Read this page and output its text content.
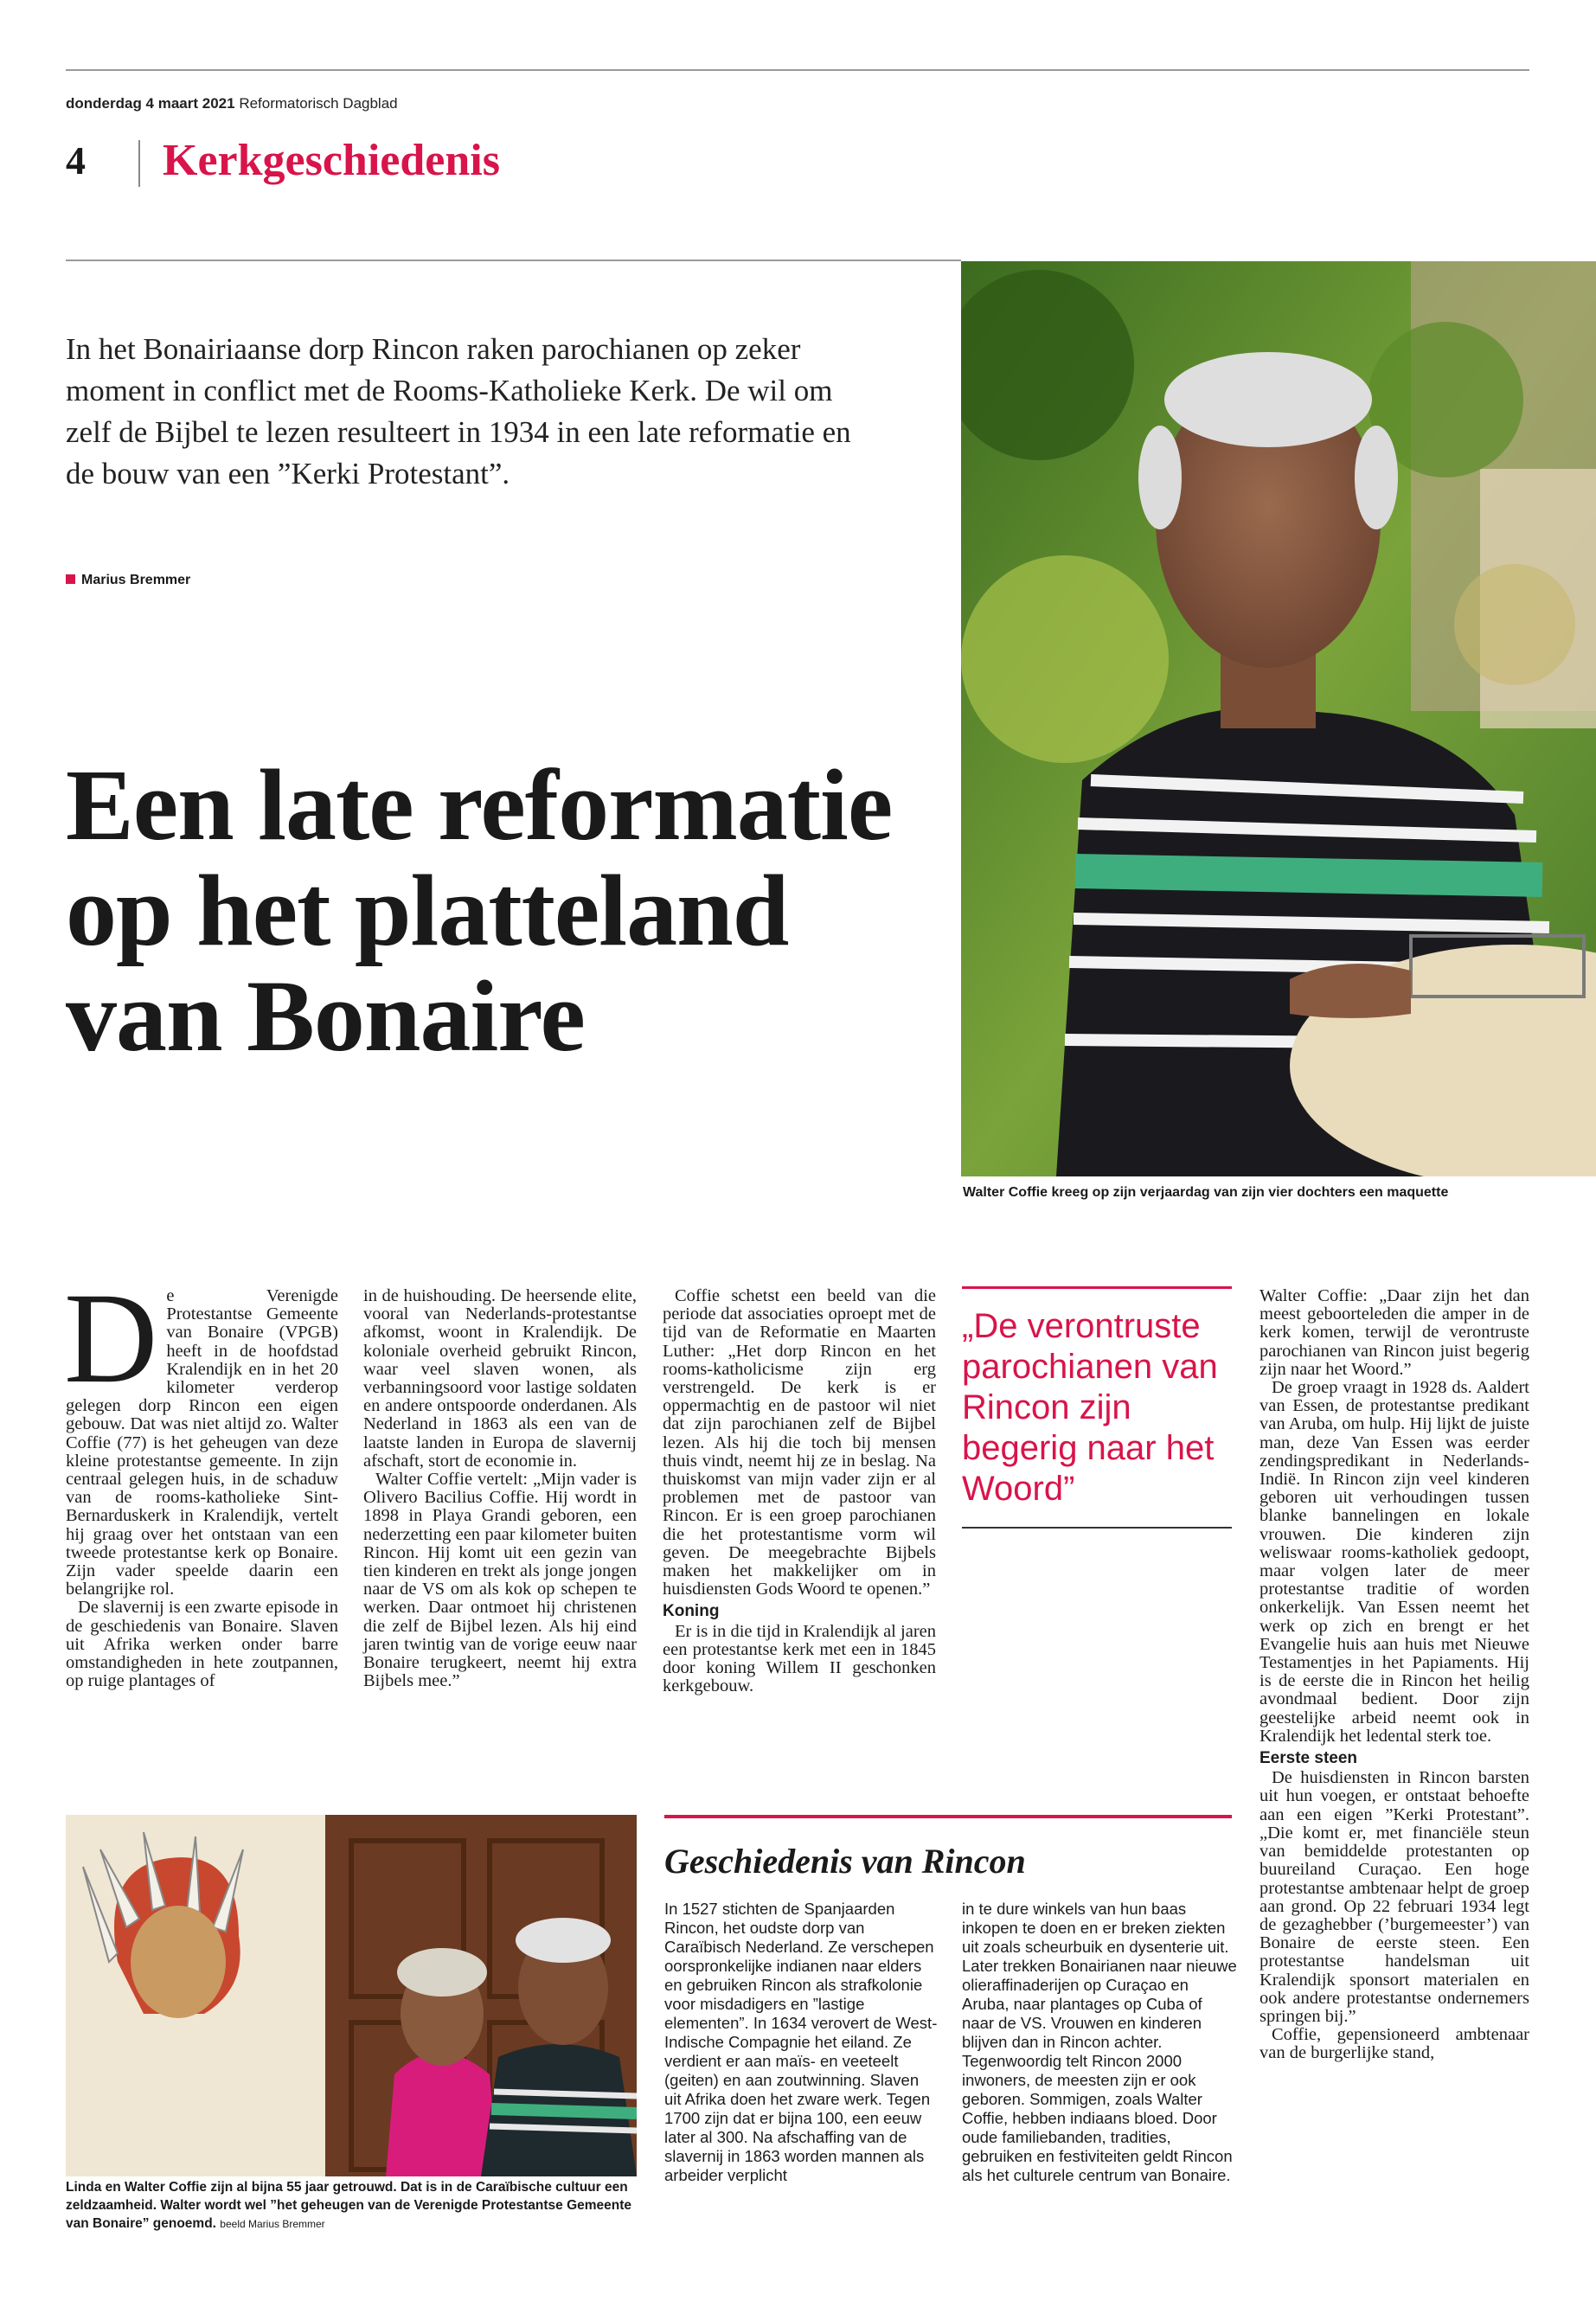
donderdag 4 maart 2021 Reformatorisch Dagblad
4 Kerkgeschiedenis
In het Bonairiaanse dorp Rincon raken parochianen op zeker moment in conflict met de Rooms-Katholieke Kerk. De wil om zelf de Bijbel te lezen resulteert in 1934 in een late reformatie en de bouw van een ”Kerki Protestant”.
Marius Bremmer
Een late reformatie op het platteland van Bonaire
Walter Coffie kreeg op zijn verjaardag van zijn vier dochters een maquette
D e Verenigde Protestantse Gemeente van Bonaire (VPGB) heeft in de hoofdstad Kralendijk en in het 20 kilometer verderop gelegen dorp Rincon een eigen gebouw. Dat was niet altijd zo. Walter Coffie (77) is het geheugen van deze kleine protestantse gemeente. In zijn centraal gelegen huis, in de schaduw van de rooms-katholieke Sint-Bernarduskerk in Kralendijk, vertelt hij graag over het ontstaan van een tweede protestantse kerk op Bonaire. Zijn vader speelde daarin een belangrijke rol.

De slavernij is een zwarte episode in de geschiedenis van Bonaire. Slaven uit Afrika werken onder barre omstandigheden in hete zoutpannen, op ruige plantages of

in de huishouding. De heersende elite, vooral van Nederlands-protestantse afkomst, woont in Kralendijk. De koloniale overheid gebruikt Rincon, waar veel slaven wonen, als verbanningsoord voor lastige soldaten en andere ontspoorde onderdanen. Als Nederland in 1863 als een van de laatste landen in Europa de slavernij afschaft, stort de economie in.

Walter Coffie vertelt: „Mijn vader is Olivero Bacilius Coffie. Hij wordt in 1898 in Playa Grandi geboren, een nederzetting een paar kilometer buiten Rincon. Hij komt uit een gezin van tien kinderen en trekt als jonge jongen naar de VS om als kok op schepen te werken. Daar ontmoet hij christenen die zelf de Bijbel lezen. Als hij eind jaren twintig van de vorige eeuw naar Bonaire terugkeert, neemt hij extra Bijbels mee.”

Coffie schetst een beeld van die periode dat associaties oproept met de tijd van de Reformatie en Maarten Luther: „Het dorp Rincon en het rooms-katholicisme zijn erg verstrengeld. De kerk is er oppermachtig en de pastoor wil niet dat zijn parochianen zelf de Bijbel lezen. Als hij die toch bij mensen thuis vindt, neemt hij ze in beslag. Na thuiskomst van mijn vader zijn er al problemen met de pastoor van Rincon. Er is een groep parochianen die het protestantisme vorm wil geven. De meegebrachte Bijbels maken het makkelijker om in huisdiensten Gods Woord te openen.”

Koning

Er is in die tijd in Kralendijk al jaren een protestantse kerk met een in 1845 door koning Willem II geschonken kerkgebouw.

„De verontruste parochianen van Rincon zijn begerig naar het Woord”

Walter Coffie: „Daar zijn het dan meest geboorteleden die amper in de kerk komen, terwijl de verontruste parochianen van Rincon juist begerig zijn naar het Woord.”

De groep vraagt in 1928 ds. Aaldert van Essen, de protestantse predikant van Aruba, om hulp. Hij lijkt de juiste man, deze Van Essen was eerder zendingspredikant in Nederlands-Indië. In Rincon zijn veel kinderen geboren uit verhoudingen tussen blanke bannelingen en lokale vrouwen. Die kinderen zijn weliswaar rooms-katholiek gedoopt, maar volgen later de meer protestantse traditie of worden onkerkelijk. Van Essen neemt het werk op zich en brengt er het Evangelie huis aan huis met Nieuwe Testamentjes in het Papiaments. Hij is de eerste die in Rincon het heilig avondmaal bedient. Door zijn geestelijke arbeid neemt ook in Kralendijk het ledental sterk toe.

Eerste steen

De huisdiensten in Rincon barsten uit hun voegen, er ontstaat behoefte aan een eigen ”Kerki Protestant”. „Die komt er, met financiële steun van bemiddelde protestanten op buureiland Curaçao. Een hoge protestantse ambtenaar helpt de groep aan grond. Op 22 februari 1934 legt de gezaghebber (’burgemeester’) van Bonaire de eerste steen. Een protestantse handelsman uit Kralendijk sponsort materialen en ook andere protestantse ondernemers springen bij.”

Coffie, gepensioneerd ambtenaar van de burgerlijke stand,

Linda en Walter Coffie zijn al bijna 55 jaar getrouwd. Dat is in de Caraïbische cultuur een zeldzaamheid. Walter wordt wel ”het geheugen van de Verenigde Protestantse Gemeente van Bonaire” genoemd. beeld Marius Bremmer
Geschiedenis van Rincon

In 1527 stichten de Spanjaarden Rincon, het oudste dorp van Caraïbisch Nederland. Ze verschepen oorspronkelijke indianen naar elders en gebruiken Rincon als strafkolonie voor misdadigers en ”lastige elementen”. In 1634 verovert de West-Indische Compagnie het eiland. Ze verdient er aan maïs- en veeteelt (geiten) en aan zoutwinning. Slaven uit Afrika doen het zware werk. Tegen 1700 zijn dat er bijna 100, een eeuw later al 300. Na afschaffing van de slavernij in 1863 worden mannen als arbeider verplicht

in te dure winkels van hun baas inkopen te doen en er breken ziekten uit zoals scheurbuik en dysenterie uit. Later trekken Bonairianen naar nieuwe olieraffinaderijen op Curaçao en Aruba, naar plantages op Cuba of naar de VS. Vrouwen en kinderen blijven dan in Rincon achter. Tegenwoordig telt Rincon 2000 inwoners, de meesten zijn er ook geboren. Sommigen, zoals Walter Coffie, hebben indiaans bloed. Door oude familiebanden, tradities, gebruiken en festiviteiten geldt Rincon als het culturele centrum van Bonaire.
